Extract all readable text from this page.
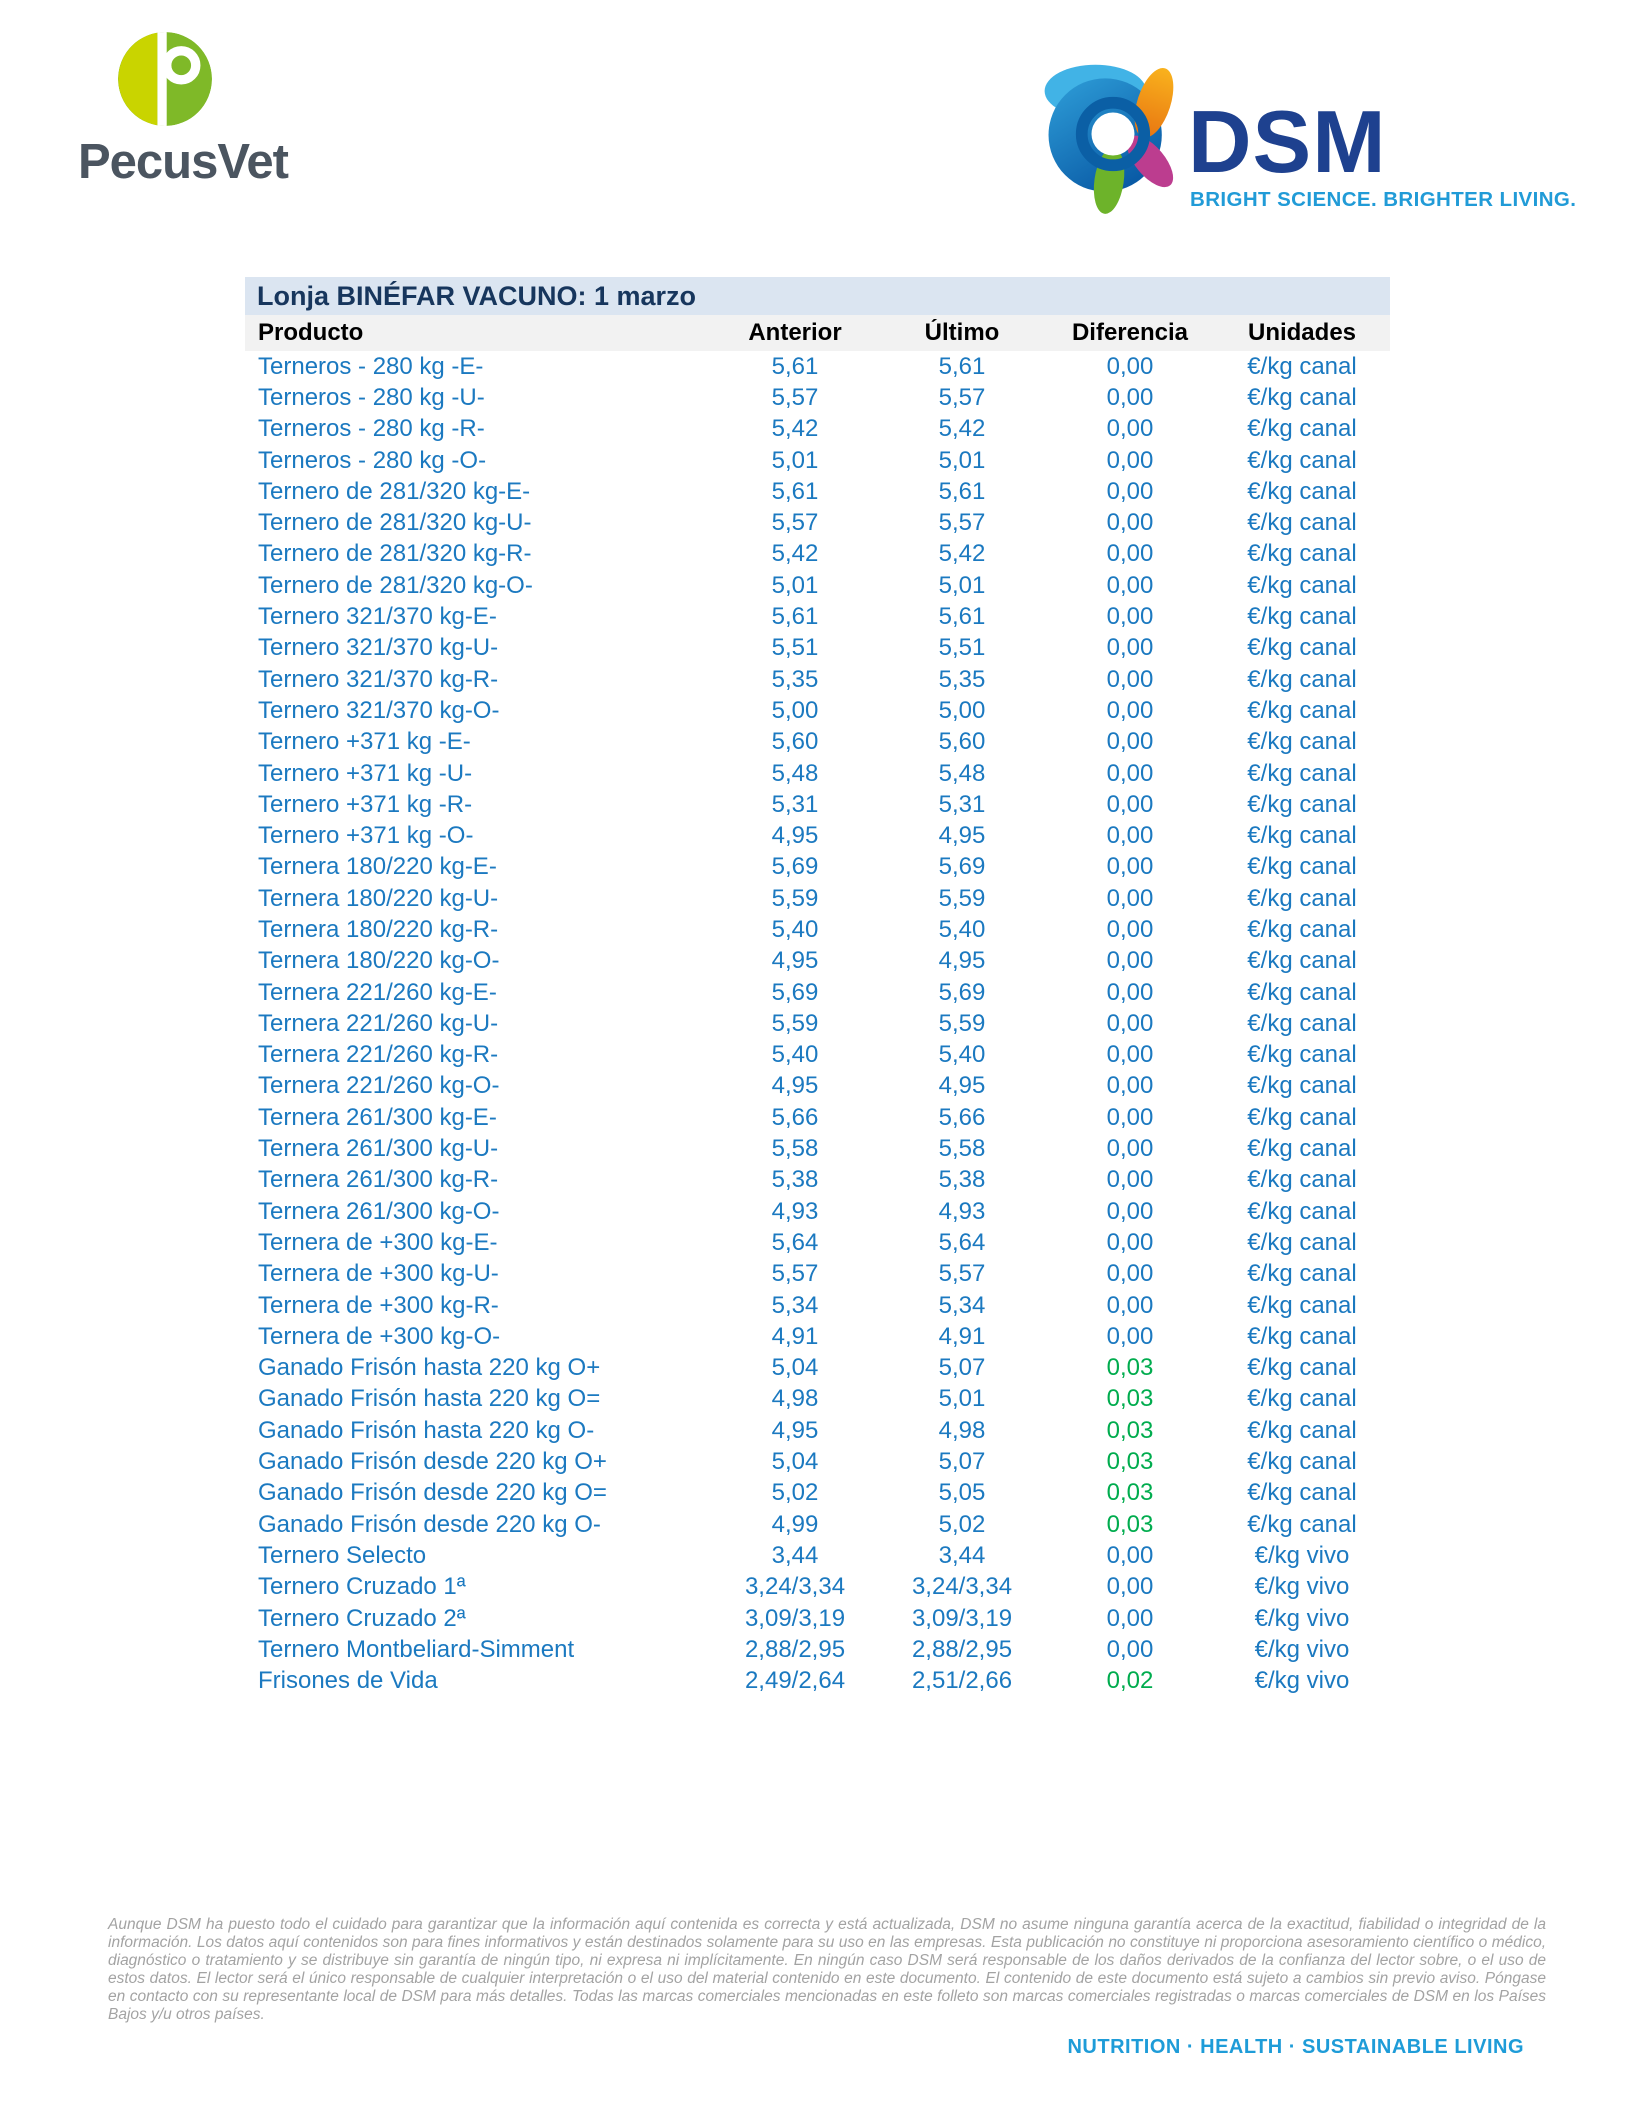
PecusVet	DSM
BRIGHT SCIENCE. BRIGHTER LIVING.
Lonja BINÉFAR VACUNO: 1 marzo
Producto	Anterior	Último	Diferencia	Unidades
Terneros - 280 kg -E-	5,61	5,61	0,00	€/kg canal
Terneros - 280 kg -U-	5,57	5,57	0,00	€/kg canal
Terneros - 280 kg -R-	5,42	5,42	0,00	€/kg canal
Terneros - 280 kg -O-	5,01	5,01	0,00	€/kg canal
Ternero de 281/320 kg-E-	5,61	5,61	0,00	€/kg canal
Ternero de 281/320 kg-U-	5,57	5,57	0,00	€/kg canal
Ternero de 281/320 kg-R-	5,42	5,42	0,00	€/kg canal
Ternero de 281/320 kg-O-	5,01	5,01	0,00	€/kg canal
Ternero 321/370 kg-E-	5,61	5,61	0,00	€/kg canal
Ternero 321/370 kg-U-	5,51	5,51	0,00	€/kg canal
Ternero 321/370 kg-R-	5,35	5,35	0,00	€/kg canal
Ternero 321/370 kg-O-	5,00	5,00	0,00	€/kg canal
Ternero +371 kg -E-	5,60	5,60	0,00	€/kg canal
Ternero +371 kg -U-	5,48	5,48	0,00	€/kg canal
Ternero +371 kg -R-	5,31	5,31	0,00	€/kg canal
Ternero +371 kg -O-	4,95	4,95	0,00	€/kg canal
Ternera 180/220 kg-E-	5,69	5,69	0,00	€/kg canal
Ternera 180/220 kg-U-	5,59	5,59	0,00	€/kg canal
Ternera 180/220 kg-R-	5,40	5,40	0,00	€/kg canal
Ternera 180/220 kg-O-	4,95	4,95	0,00	€/kg canal
Ternera 221/260 kg-E-	5,69	5,69	0,00	€/kg canal
Ternera 221/260 kg-U-	5,59	5,59	0,00	€/kg canal
Ternera 221/260 kg-R-	5,40	5,40	0,00	€/kg canal
Ternera 221/260 kg-O-	4,95	4,95	0,00	€/kg canal
Ternera 261/300 kg-E-	5,66	5,66	0,00	€/kg canal
Ternera 261/300 kg-U-	5,58	5,58	0,00	€/kg canal
Ternera 261/300 kg-R-	5,38	5,38	0,00	€/kg canal
Ternera 261/300 kg-O-	4,93	4,93	0,00	€/kg canal
Ternera de +300 kg-E-	5,64	5,64	0,00	€/kg canal
Ternera de +300 kg-U-	5,57	5,57	0,00	€/kg canal
Ternera de +300 kg-R-	5,34	5,34	0,00	€/kg canal
Ternera de +300 kg-O-	4,91	4,91	0,00	€/kg canal
Ganado Frisón hasta 220 kg O+	5,04	5,07	0,03	€/kg canal
Ganado Frisón hasta 220 kg O=	4,98	5,01	0,03	€/kg canal
Ganado Frisón hasta 220 kg O-	4,95	4,98	0,03	€/kg canal
Ganado Frisón desde 220 kg O+	5,04	5,07	0,03	€/kg canal
Ganado Frisón desde 220 kg O=	5,02	5,05	0,03	€/kg canal
Ganado Frisón desde 220 kg O-	4,99	5,02	0,03	€/kg canal
Ternero Selecto	3,44	3,44	0,00	€/kg vivo
Ternero Cruzado 1ª	3,24/3,34	3,24/3,34	0,00	€/kg vivo
Ternero Cruzado 2ª	3,09/3,19	3,09/3,19	0,00	€/kg vivo
Ternero Montbeliard-Simment	2,88/2,95	2,88/2,95	0,00	€/kg vivo
Frisones de Vida	2,49/2,64	2,51/2,66	0,02	€/kg vivo

Aunque DSM ha puesto todo el cuidado para garantizar que la información aquí contenida es correcta y está actualizada, DSM no asume ninguna garantía acerca de la exactitud, fiabilidad o integridad de la información. Los datos aquí contenidos son para fines informativos y están destinados solamente para su uso en las empresas. Esta publicación no constituye ni proporciona asesoramiento científico o médico, diagnóstico o tratamiento y se distribuye sin garantía de ningún tipo, ni expresa ni implícitamente. En ningún caso DSM será responsable de los daños derivados de la confianza del lector sobre, o el uso de estos datos. El lector será el único responsable de cualquier interpretación o el uso del material contenido en este documento. El contenido de este documento está sujeto a cambios sin previo aviso. Póngase en contacto con su representante local de DSM para más detalles. Todas las marcas comerciales mencionadas en este folleto son marcas comerciales registradas o marcas comerciales de DSM en los Países Bajos y/u otros países.

NUTRITION · HEALTH · SUSTAINABLE LIVING
